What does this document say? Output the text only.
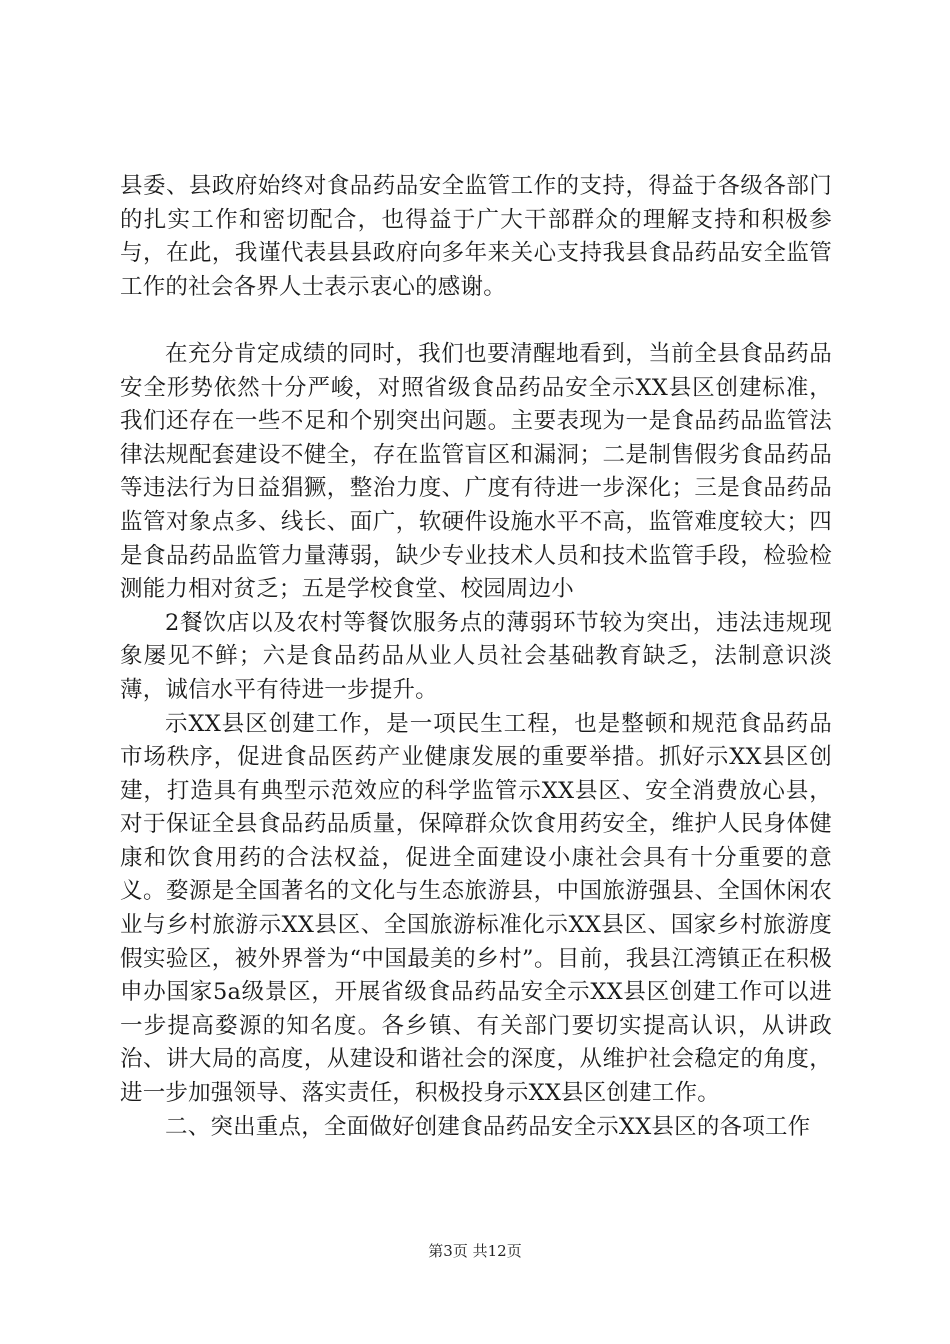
县委、县政府始终对食品药品安全监管工作的支持，得益于各级各部门的扎实工作和密切配合，也得益于广大干部群众的理解支持和积极参与，在此，我谨代表县县政府向多年来关心支持我县食品药品安全监管工作的社会各界人士表示衷心的感谢。

在充分肯定成绩的同时，我们也要清醒地看到，当前全县食品药品安全形势依然十分严峻，对照省级食品药品安全示XX县区创建标准，我们还存在一些不足和个别突出问题。主要表现为一是食品药品监管法律法规配套建设不健全，存在监管盲区和漏洞；二是制售假劣食品药品等违法行为日益猖獗，整治力度、广度有待进一步深化；三是食品药品监管对象点多、线长、面广，软硬件设施水平不高，监管难度较大；四是食品药品监管力量薄弱，缺少专业技术人员和技术监管手段，检验检测能力相对贫乏；五是学校食堂、校园周边小

2餐饮店以及农村等餐饮服务点的薄弱环节较为突出，违法违规现象屡见不鲜；六是食品药品从业人员社会基础教育缺乏，法制意识淡薄，诚信水平有待进一步提升。

示XX县区创建工作，是一项民生工程，也是整顿和规范食品药品市场秩序，促进食品医药产业健康发展的重要举措。抓好示XX县区创建，打造具有典型示范效应的科学监管示XX县区、安全消费放心县，对于保证全县食品药品质量，保障群众饮食用药安全，维护人民身体健康和饮食用药的合法权益，促进全面建设小康社会具有十分重要的意义。婺源是全国著名的文化与生态旅游县，中国旅游强县、全国休闲农业与乡村旅游示XX县区、全国旅游标准化示XX县区、国家乡村旅游度假实验区，被外界誉为“中国最美的乡村”。目前，我县江湾镇正在积极申办国家5a级景区，开展省级食品药品安全示XX县区创建工作可以进一步提高婺源的知名度。各乡镇、有关部门要切实提高认识，从讲政治、讲大局的高度，从建设和谐社会的深度，从维护社会稳定的角度，进一步加强领导、落实责任，积极投身示XX县区创建工作。

二、突出重点，全面做好创建食品药品安全示XX县区的各项工作

第3页 共12页
